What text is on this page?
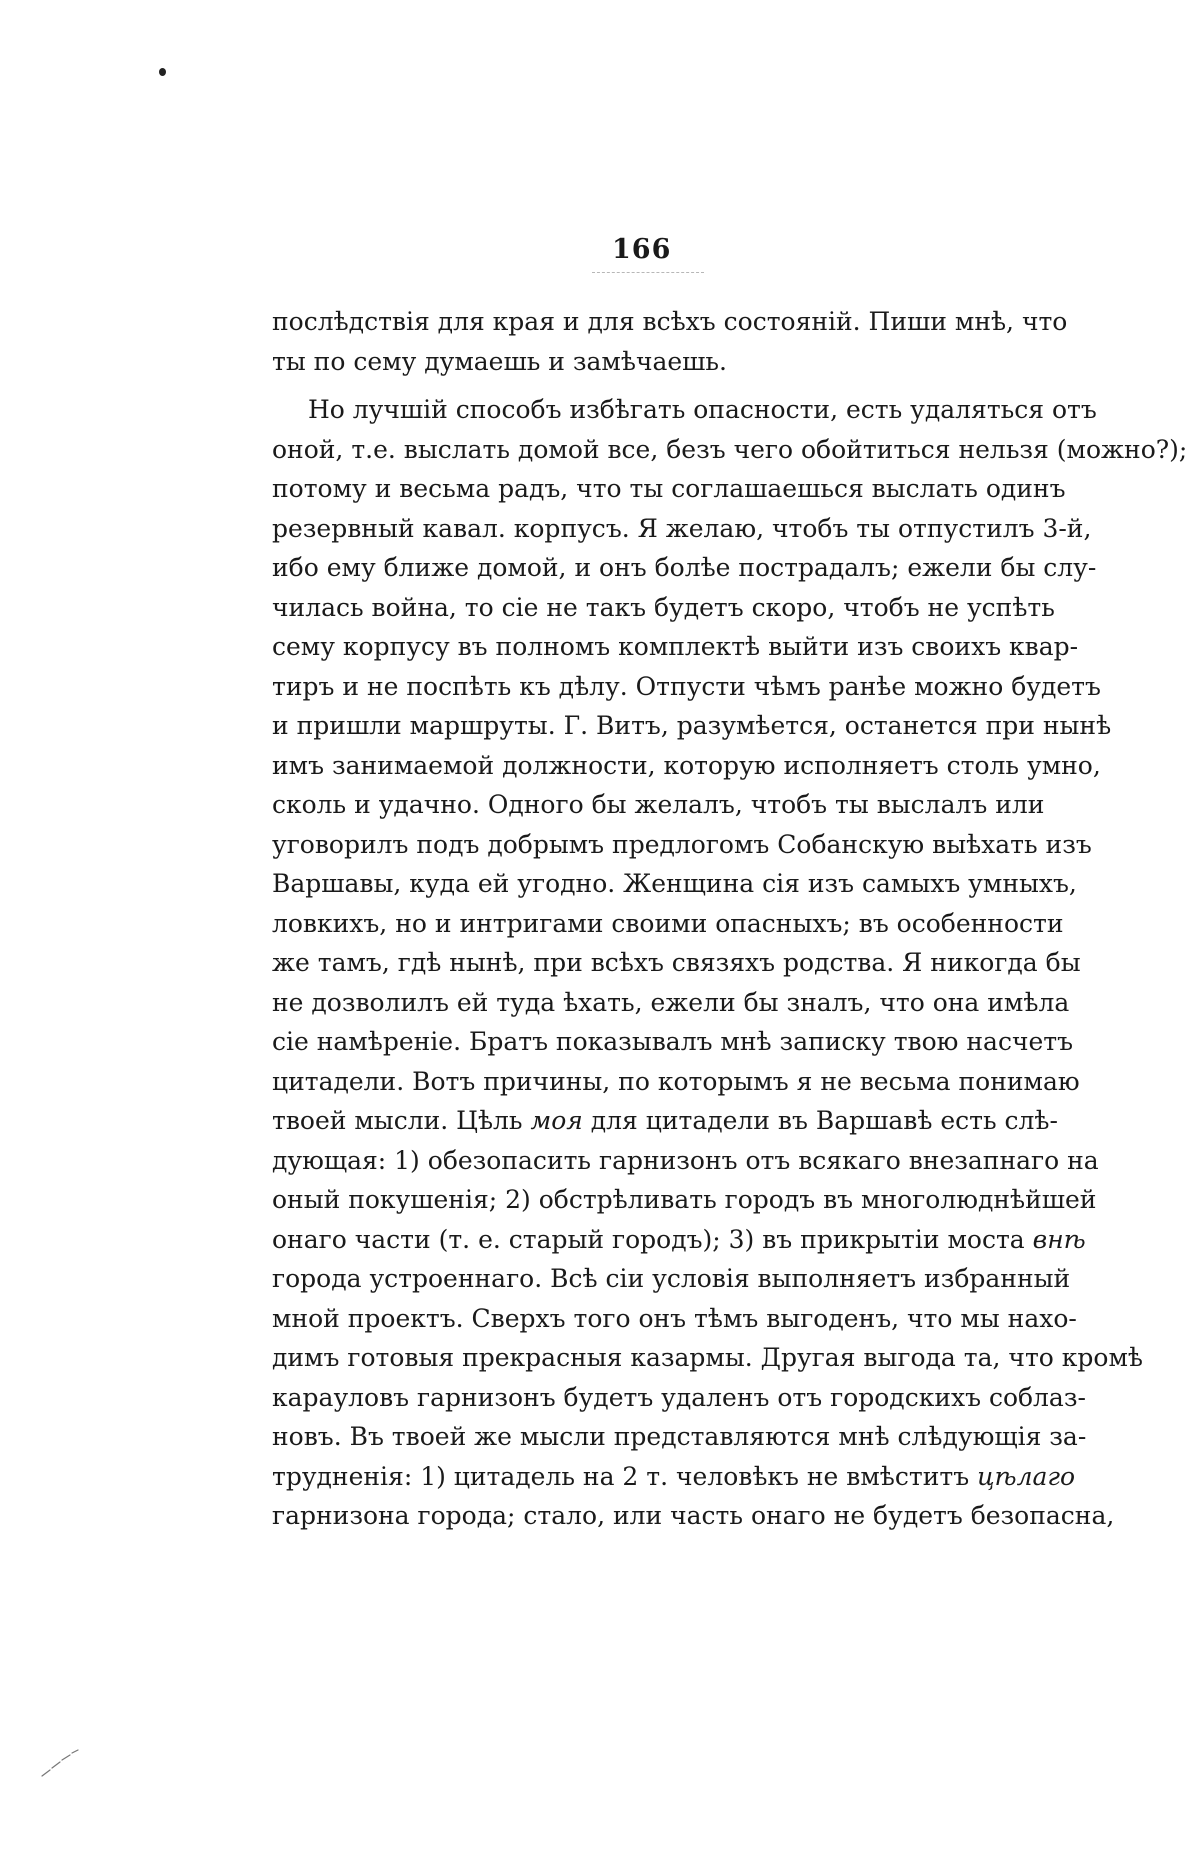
166
послѣдствія для края и для всѣхъ состояній. Пиши мнѣ, что
ты по сему думаешь и замѣчаешь.
Но лучшій способъ избѣгать опасности, есть удаляться отъ
оной, т.е. выслать домой все, безъ чего обойтиться нельзя (можно?);
потому и весьма радъ, что ты соглашаешься выслать одинъ
резервный кавал. корпусъ. Я желаю, чтобъ ты отпустилъ 3-й,
ибо ему ближе домой, и онъ болѣе пострадалъ; ежели бы слу-
чилась война, то сіе не такъ будетъ скоро, чтобъ не успѣть
сему корпусу въ полномъ комплектѣ выйти изъ своихъ квар-
тиръ и не поспѣть къ дѣлу. Отпусти чѣмъ ранѣе можно будетъ
и пришли маршруты. Г. Витъ, разумѣется, останется при нынѣ
имъ занимаемой должности, которую исполняетъ столь умно,
сколь и удачно. Одного бы желалъ, чтобъ ты выслалъ или
уговорилъ подъ добрымъ предлогомъ Собанскую выѣхать изъ
Варшавы, куда ей угодно. Женщина сія изъ самыхъ умныхъ,
ловкихъ, но и интригами своими опасныхъ; въ особенности
же тамъ, гдѣ нынѣ, при всѣхъ связяхъ родства. Я никогда бы
не дозволилъ ей туда ѣхать, ежели бы зналъ, что она имѣла
сіе намѣреніе. Братъ показывалъ мнѣ записку твою насчетъ
цитадели. Вотъ причины, по которымъ я не весьма понимаю
твоей мысли. Цѣль моя для цитадели въ Варшавѣ есть слѣ-
дующая: 1) обезопасить гарнизонъ отъ всякаго внезапнаго на
оный покушенія; 2) обстрѣливать городъ въ многолюднѣйшей
онаго части (т. е. старый городъ); 3) въ прикрытіи моста внѣ
города устроеннаго. Всѣ сіи условія выполняетъ избранный
мной проектъ. Сверхъ того онъ тѣмъ выгоденъ, что мы нахо-
димъ готовыя прекрасныя казармы. Другая выгода та, что кромѣ
карауловъ гарнизонъ будетъ удаленъ отъ городскихъ соблаз-
новъ. Въ твоей же мысли представляются мнѣ слѣдующія за-
трудненія: 1) цитадель на 2 т. человѣкъ не вмѣститъ цѣлаго
гарнизона города; стало, или часть онаго не будетъ безопасна,
